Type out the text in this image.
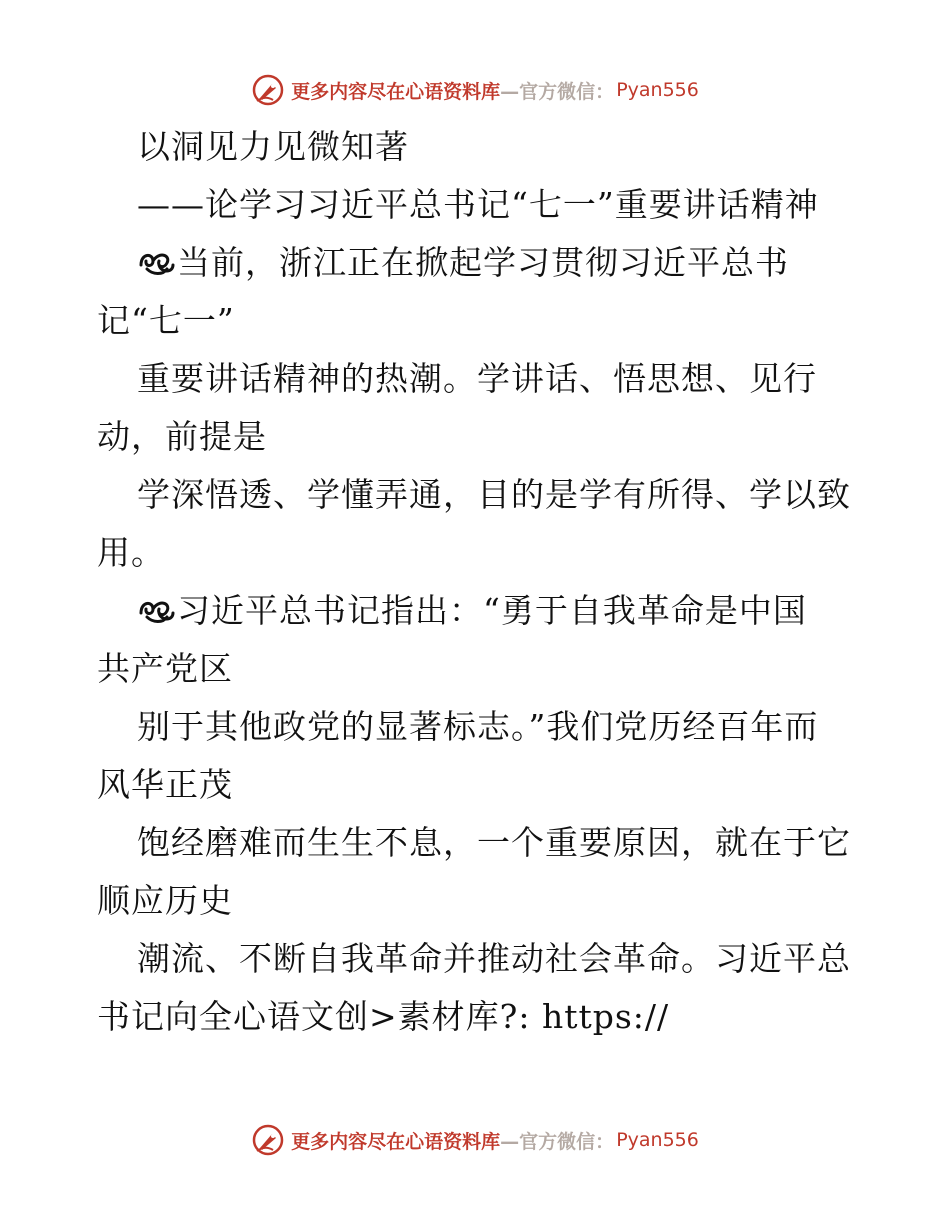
更多内容尽在心语资料库 —官方微信： Pyan556
以洞见力见微知著
——论学习习近平总书记“七一”重要讲话精神
当前，浙江正在掀起学习贯彻习近平总书
记“七一”
重要讲话精神的热潮。学讲话、悟思想、见行
动，前提是
学深悟透、学懂弄通，目的是学有所得、学以致
用。
习近平总书记指出：“勇于自我革命是中国
共产党区
别于其他政党的显著标志。”我们党历经百年而
风华正茂
饱经磨难而生生不息，一个重要原因，就在于它
顺应历史
潮流、不断自我革命并推动社会革命。习近平总
书记向全心语文创>素材库?: https://
更多内容尽在心语资料库 —官方微信： Pyan556
